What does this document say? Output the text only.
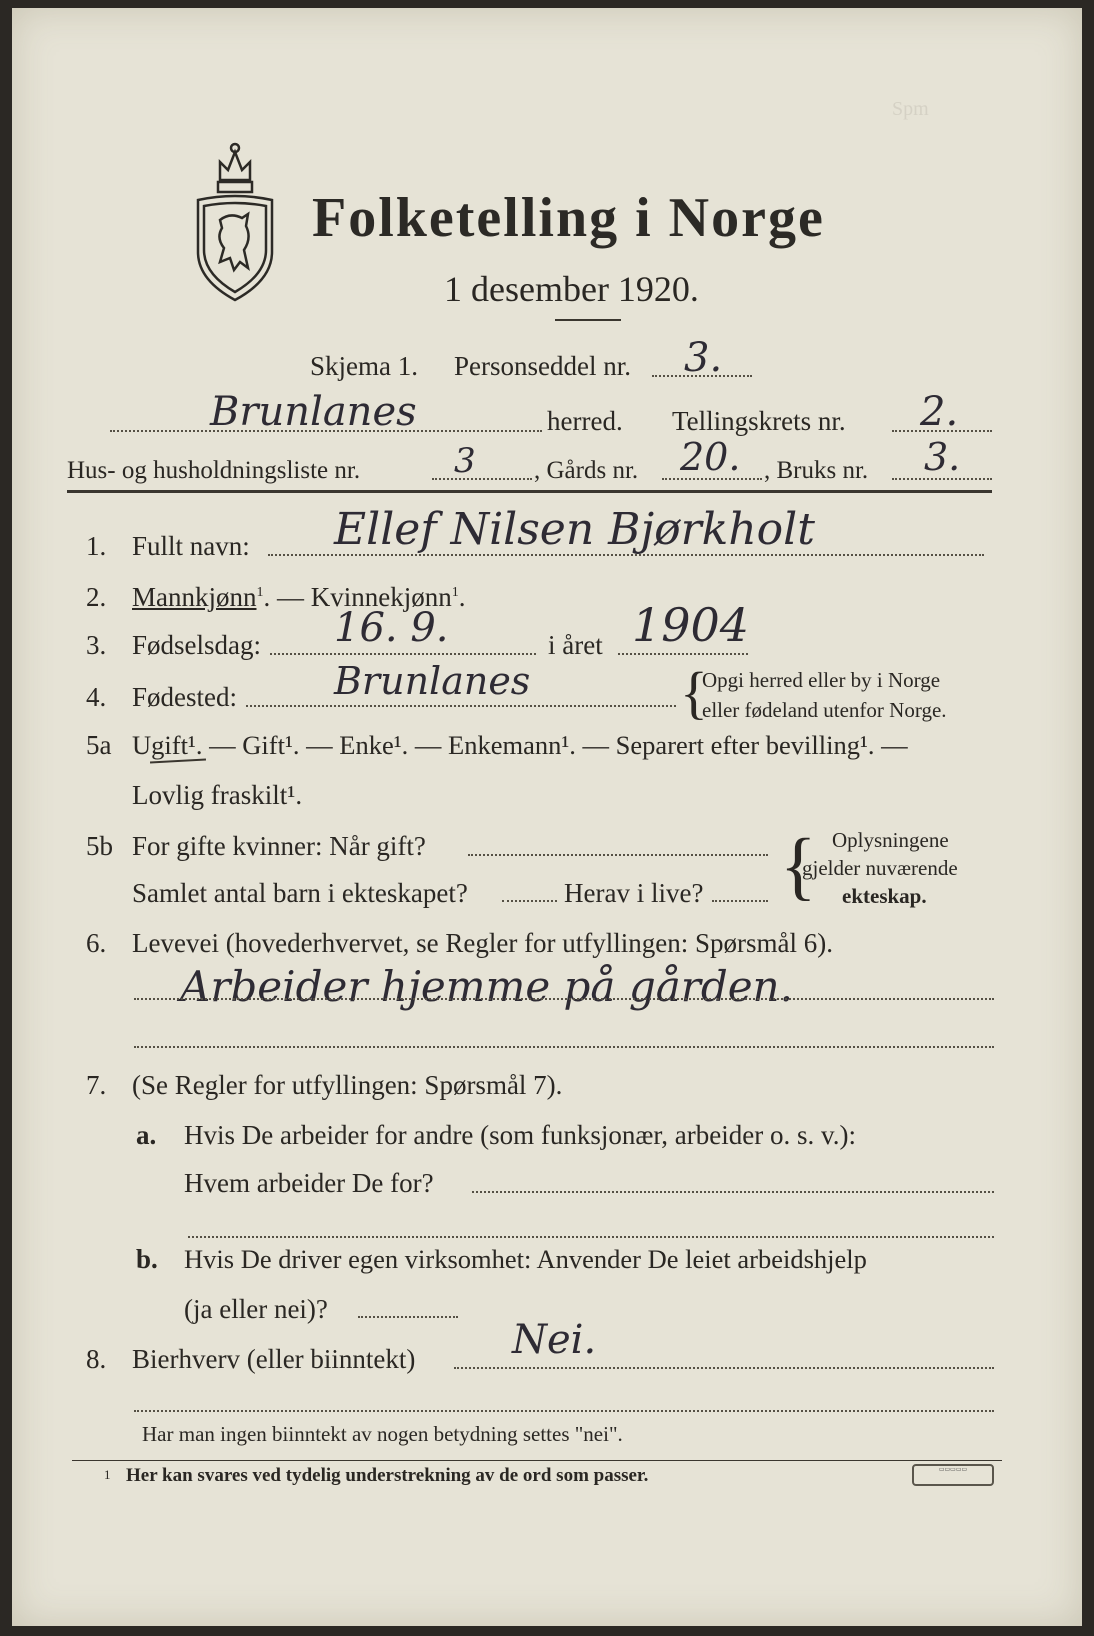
Folketelling i Norge
1 desember 1920.
Spm
Skjema 1. Personseddel nr. 3.
Brunlanes	herred. Tellingskrets nr. 2.
Hus- og husholdningsliste nr.	3 , Gårds nr. 20. , Bruks nr. 3.
1. Fullt navn: Ellef Nilsen Bjørkholt
2. Mannkjønn$^1$. — Kvinnekjønn$^1$.
3. Fødselsdag: 16. 9.	i året 1904
4. Fødested:	Brunlanes	{
Opgi herred eller by i Norge
eller fødeland utenfor Norge.
5a Ugift¹. — Gift¹. — Enke¹. — Enkemann¹. — Separert efter bevilling¹. —
Lovlig fraskilt¹.
5b For gifte kvinner: Når gift?
Samlet antal barn i ekteskapet?	Herav i live? { Oplysningene
gjelder nuværende
ekteskap.
6. Levevei (hovederhvervet, se Regler for utfyllingen: Spørsmål 6).
Arbeider hjemme på gården.
7. (Se Regler for utfyllingen: Spørsmål 7).
a. Hvis De arbeider for andre (som funksjonær, arbeider o. s. v.):
Hvem arbeider De for?
b. Hvis De driver egen virksomhet: Anvender De leiet arbeidshjelp
(ja eller nei)?
8. Bierhverv (eller biinntekt) Nei.
Har man ingen biinntekt av nogen betydning settes "nei".
1 Her kan svares ved tydelig understrekning av de ord som passer.	▭▭▭▭▭
